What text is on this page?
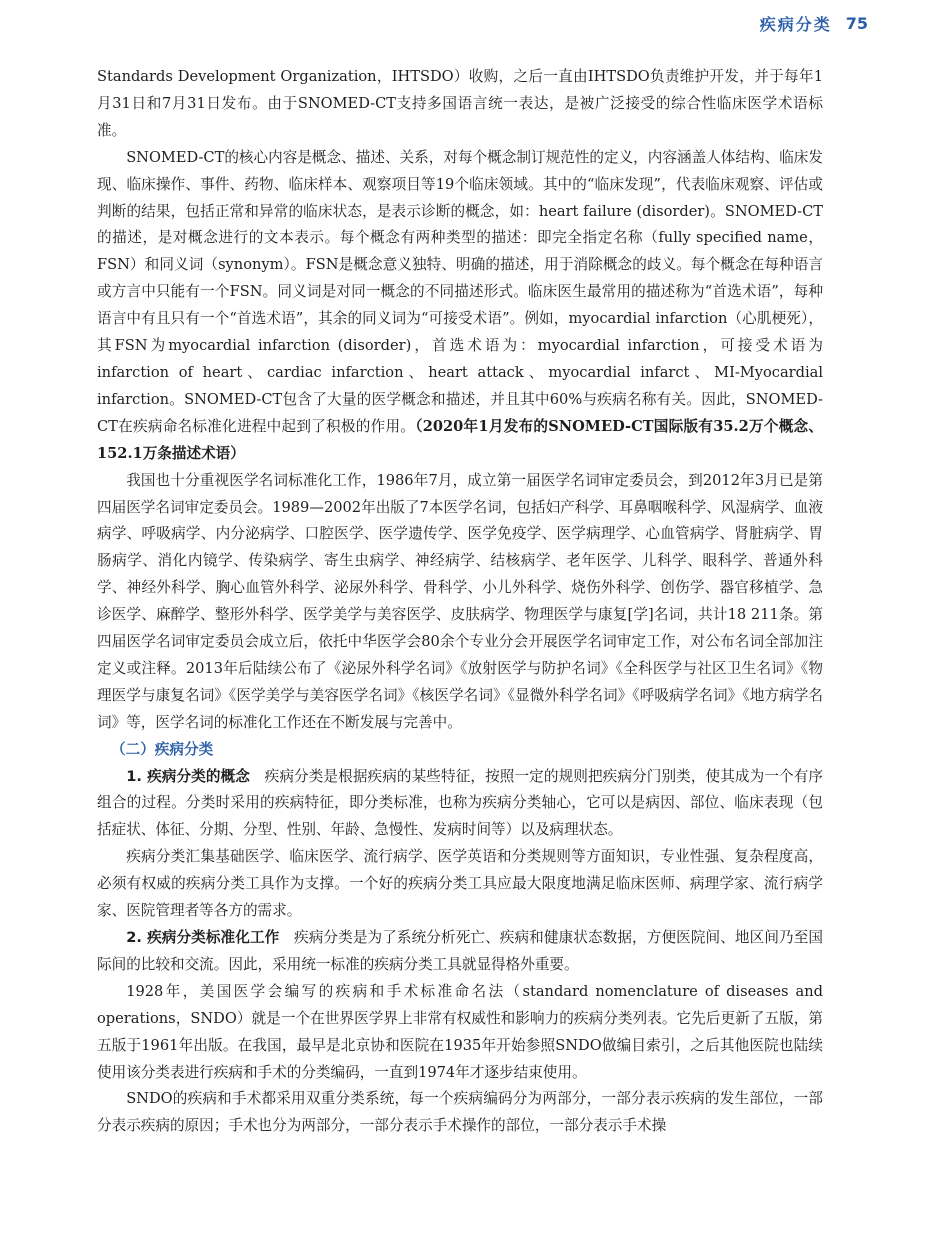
疾病分类 75

Standards Development Organization，IHTSDO）收购，之后一直由IHTSDO负责维护开发，并于每年1月31日和7月31日发布。由于SNOMED-CT支持多国语言统一表达，是被广泛接受的综合性临床医学术语标准。

SNOMED-CT的核心内容是概念、描述、关系，对每个概念制订规范性的定义，内容涵盖人体结构、临床发现、临床操作、事件、药物、临床样本、观察项目等19个临床领域。其中的“临床发现”，代表临床观察、评估或判断的结果，包括正常和异常的临床状态，是表示诊断的概念，如：heart failure (disorder)。SNOMED-CT的描述，是对概念进行的文本表示。每个概念有两种类型的描述：即完全指定名称（fully specified name，FSN）和同义词（synonym）。FSN是概念意义独特、明确的描述，用于消除概念的歧义。每个概念在每种语言或方言中只能有一个FSN。同义词是对同一概念的不同描述形式。临床医生最常用的描述称为“首选术语”，每种语言中有且只有一个“首选术语”，其余的同义词为“可接受术语”。例如，myocardial infarction（心肌梗死），其FSN为myocardial infarction (disorder)，首选术语为：myocardial infarction，可接受术语为infarction of heart、cardiac infarction、heart attack、myocardial infarct、MI-Myocardial infarction。SNOMED-CT包含了大量的医学概念和描述，并且其中60%与疾病名称有关。因此，SNOMED-CT在疾病命名标准化进程中起到了积极的作用。（2020年1月发布的SNOMED-CT国际版有35.2万个概念、152.1万条描述术语）

我国也十分重视医学名词标准化工作，1986年7月，成立第一届医学名词审定委员会，到2012年3月已是第四届医学名词审定委员会。1989—2002年出版了7本医学名词，包括妇产科学、耳鼻咽喉科学、风湿病学、血液病学、呼吸病学、内分泌病学、口腔医学、医学遗传学、医学免疫学、医学病理学、心血管病学、肾脏病学、胃肠病学、消化内镜学、传染病学、寄生虫病学、神经病学、结核病学、老年医学、儿科学、眼科学、普通外科学、神经外科学、胸心血管外科学、泌尿外科学、骨科学、小儿外科学、烧伤外科学、创伤学、器官移植学、急诊医学、麻醉学、整形外科学、医学美学与美容医学、皮肤病学、物理医学与康复[学]名词，共计18 211条。第四届医学名词审定委员会成立后，依托中华医学会80余个专业分会开展医学名词审定工作，对公布名词全部加注定义或注释。2013年后陆续公布了《泌尿外科学名词》《放射医学与防护名词》《全科医学与社区卫生名词》《物理医学与康复名词》《医学美学与美容医学名词》《核医学名词》《显微外科学名词》《呼吸病学名词》《地方病学名词》等，医学名词的标准化工作还在不断发展与完善中。

（二）疾病分类

1. 疾病分类的概念　疾病分类是根据疾病的某些特征，按照一定的规则把疾病分门别类，使其成为一个有序组合的过程。分类时采用的疾病特征，即分类标准，也称为疾病分类轴心，它可以是病因、部位、临床表现（包括症状、体征、分期、分型、性别、年龄、急慢性、发病时间等）以及病理状态。

疾病分类汇集基础医学、临床医学、流行病学、医学英语和分类规则等方面知识，专业性强、复杂程度高，必须有权威的疾病分类工具作为支撑。一个好的疾病分类工具应最大限度地满足临床医师、病理学家、流行病学家、医院管理者等各方的需求。

2. 疾病分类标准化工作　疾病分类是为了系统分析死亡、疾病和健康状态数据，方便医院间、地区间乃至国际间的比较和交流。因此，采用统一标准的疾病分类工具就显得格外重要。

1928年，美国医学会编写的疾病和手术标准命名法（standard nomenclature of diseases and operations，SNDO）就是一个在世界医学界上非常有权威性和影响力的疾病分类列表。它先后更新了五版，第五版于1961年出版。在我国，最早是北京协和医院在1935年开始参照SNDO做编目索引，之后其他医院也陆续使用该分类表进行疾病和手术的分类编码，一直到1974年才逐步结束使用。

SNDO的疾病和手术都采用双重分类系统，每一个疾病编码分为两部分，一部分表示疾病的发生部位，一部分表示疾病的原因；手术也分为两部分，一部分表示手术操作的部位，一部分表示手术操
